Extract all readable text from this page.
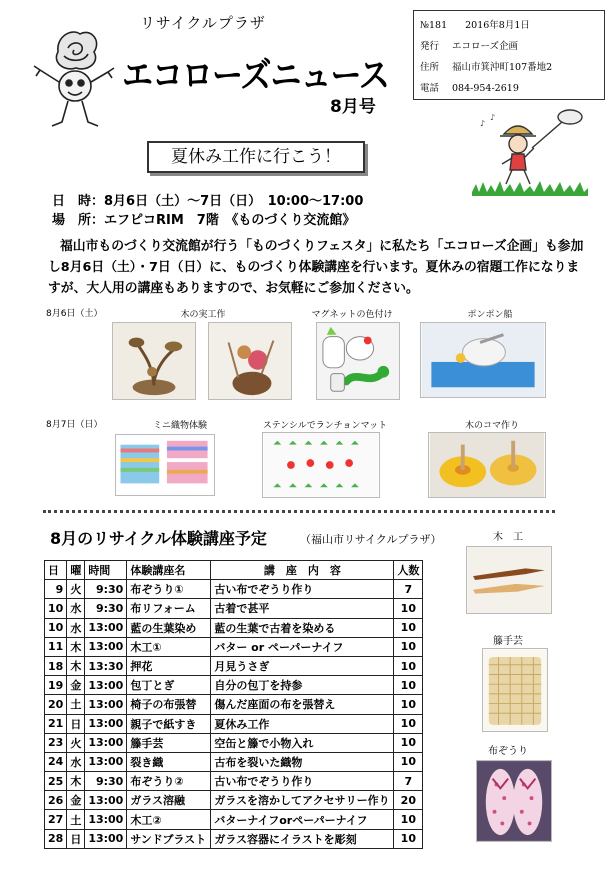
リサイクルプラザ
エコローズニュース
8月号
№181 2016年8月1日
発行	エコローズ企画
住所	福山市箕沖町107番地2
電話	084-954-2619
夏休み工作に行こう！
♪
♪
日　時：8月6日（土）～7日（日）　10:00～17:00
場　所：エフピコRIM　7階　《ものづくり交流館》
福山市ものづくり交流館が行う「ものづくりフェスタ」に私たち「エコローズ企画」も参加し8月6日（土）・7日（日）に、ものづくり体験講座を行います。夏休みの宿題工作になりますが、大人用の講座もありますので、お気軽にご参加ください。
8月6日（土）	木の実工作	マグネットの色付け	ポンポン船
8月7日（日）	ミニ織物体験	ステンシルでランチョンマット	木のコマ作り
8月のリサイクル体験講座予定	（福山市リサイクルプラザ）
日	曜	時間	体験講座名	講　座　内　容	人数
9	火	9:30	布ぞうり①	古い布でぞうり作り	7
10	水	9:30	布リフォーム	古着で甚平	10
10	水	13:00	藍の生葉染め	藍の生葉で古着を染める	10
11	木	13:00	木工①	バター or ペーパーナイフ	10
18	木	13:30	押花	月見うさぎ	10
19	金	13:00	包丁とぎ	自分の包丁を持参	10
20	土	13:00	椅子の布張替	傷んだ座面の布を張替え	10
21	日	13:00	親子で紙すき	夏休み工作	10
23	火	13:00	籐手芸	空缶と籐で小物入れ	10
24	水	13:00	裂き織	古布を裂いた織物	10
25	木	9:30	布ぞうり②	古い布でぞうり作り	7
26	金	13:00	ガラス溶融	ガラスを溶かしてアクセサリー作り	20
27	土	13:00	木工②	バターナイフorペーパーナイフ	10
28	日	13:00	サンドブラスト	ガラス容器にイラストを彫刻	10
木　工
籐手芸
布ぞうり
